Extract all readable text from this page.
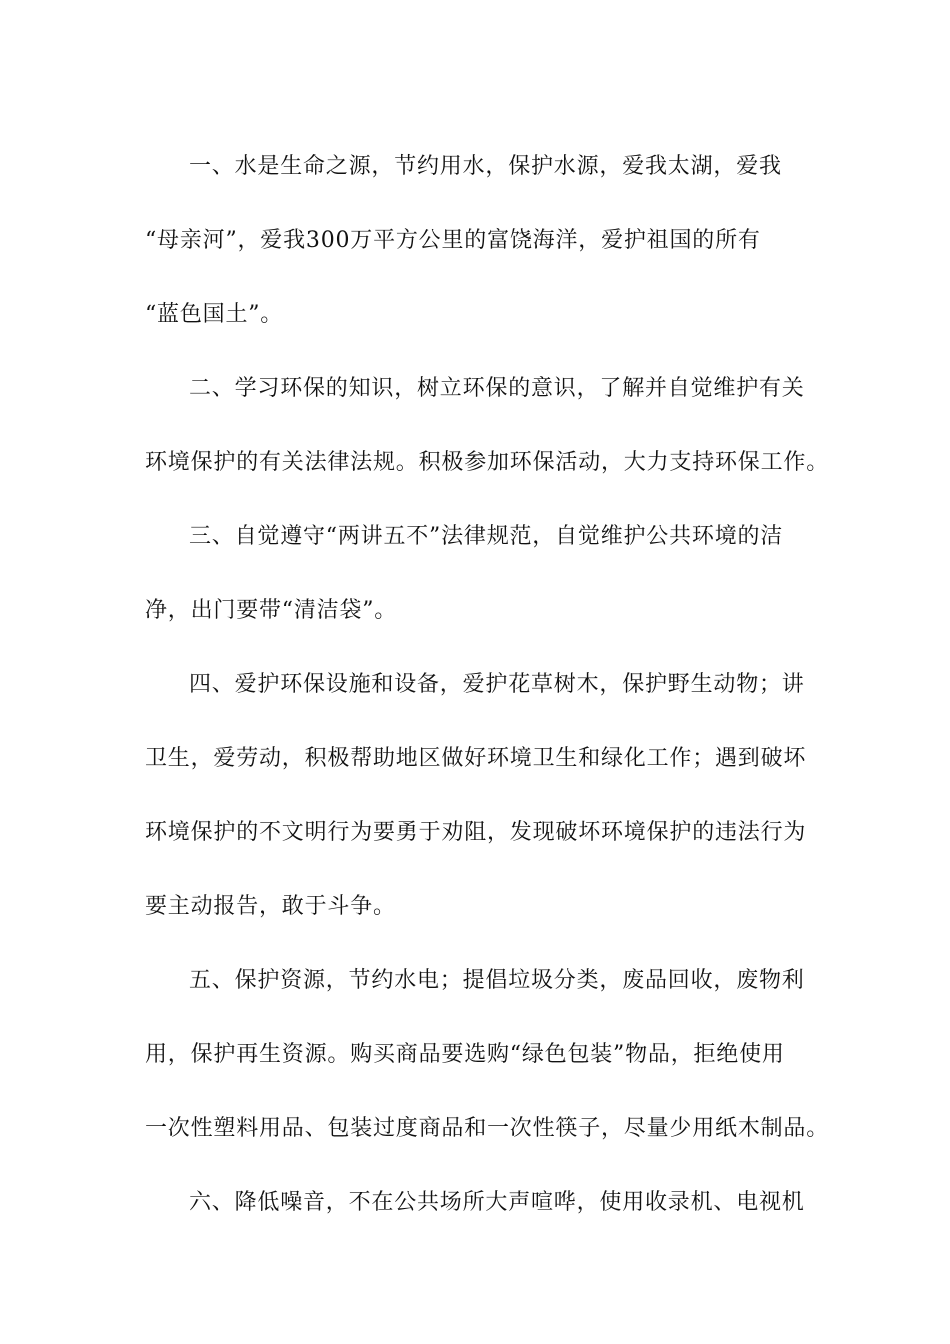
一、水是生命之源，节约用水，保护水源，爱我太湖，爱我
“母亲河”，爱我300万平方公里的富饶海洋，爱护祖国的所有
“蓝色国土”。
二、学习环保的知识，树立环保的意识，了解并自觉维护有关
环境保护的有关法律法规。积极参加环保活动，大力支持环保工作。
三、自觉遵守“两讲五不”法律规范，自觉维护公共环境的洁
净，出门要带“清洁袋”。
四、爱护环保设施和设备，爱护花草树木，保护野生动物；讲
卫生，爱劳动，积极帮助地区做好环境卫生和绿化工作；遇到破坏
环境保护的不文明行为要勇于劝阻，发现破坏环境保护的违法行为
要主动报告，敢于斗争。
五、保护资源，节约水电；提倡垃圾分类，废品回收，废物利
用，保护再生资源。购买商品要选购“绿色包装”物品，拒绝使用
一次性塑料用品、包装过度商品和一次性筷子，尽量少用纸木制品。
六、降低噪音，不在公共场所大声喧哗，使用收录机、电视机
